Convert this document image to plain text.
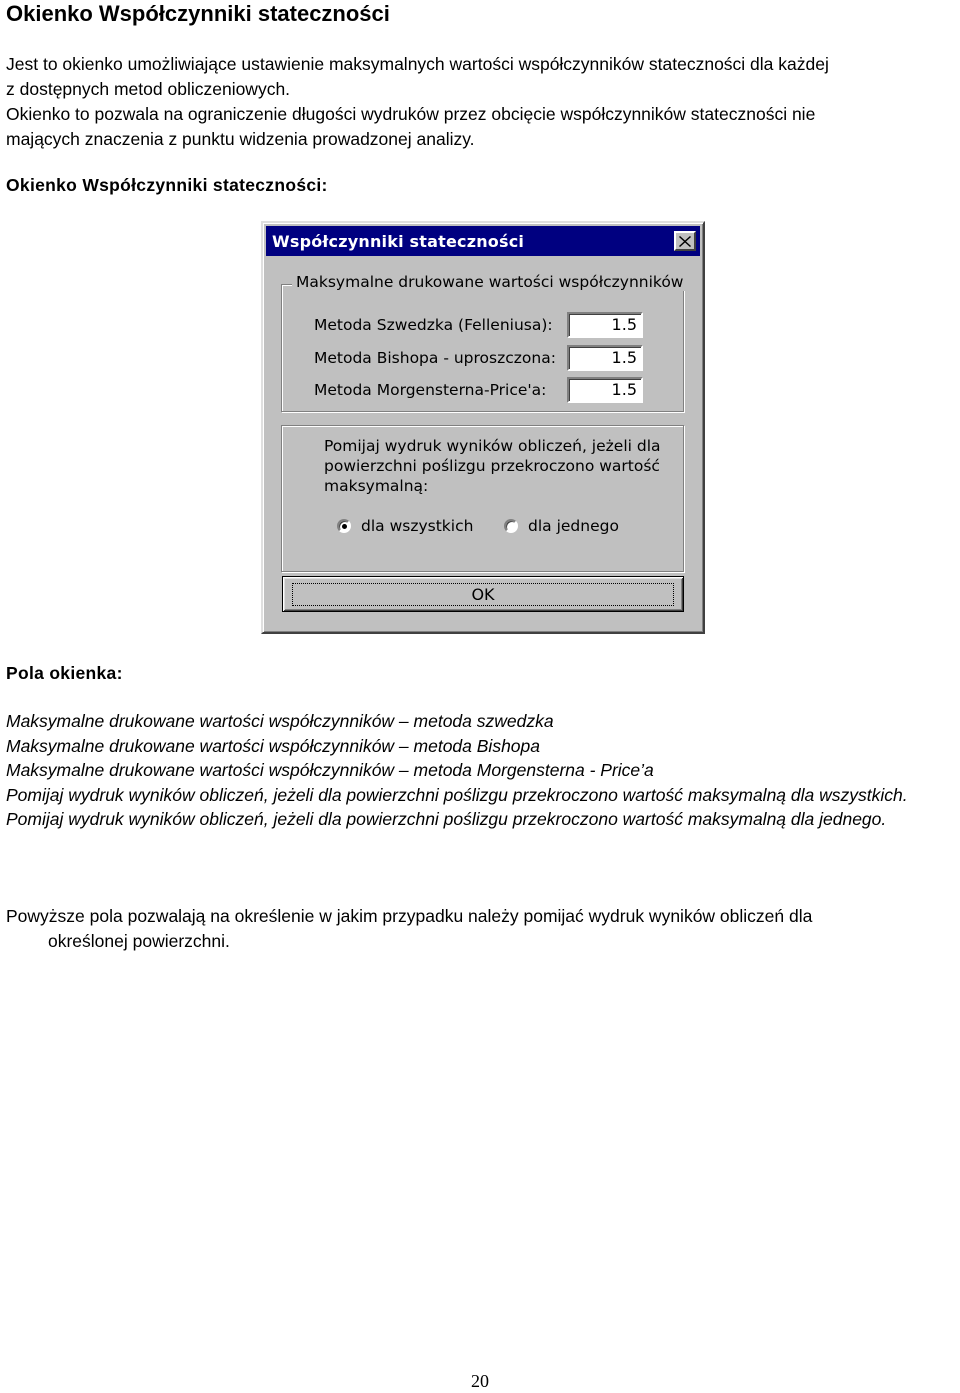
Okienko Współczynniki stateczności

Jest to okienko umożliwiające ustawienie maksymalnych wartości współczynników stateczności dla każdej

z dostępnych metod obliczeniowych.

Okienko to pozwala na ograniczenie długości wydruków przez obcięcie współczynników stateczności nie

mających znaczenia z punktu widzenia prowadzonej analizy.

Okienko Współczynniki stateczności:
Współczynniki stateczności
Maksymalne drukowane wartości współczynników
Metoda Szwedzka (Felleniusa):	1.5
Metoda Bishopa - uproszczona:	1.5
Metoda Morgensterna-Price'a:	1.5

Pomijaj wydruk wyników obliczeń, jeżeli dla powierzchni poślizgu przekroczono wartość maksymalną:

dla wszystkich	dla jednego
OK
Pola okienka:

Maksymalne drukowane wartości współczynników – metoda szwedzka

Maksymalne drukowane wartości współczynników – metoda Bishopa

Maksymalne drukowane wartości współczynników – metoda Morgensterna - Price’a

Pomijaj wydruk wyników obliczeń, jeżeli dla powierzchni poślizgu przekroczono wartość maksymalną dla wszystkich.

Pomijaj wydruk wyników obliczeń, jeżeli dla powierzchni poślizgu przekroczono wartość maksymalną dla jednego.

Powyższe pola pozwalają na określenie w jakim przypadku należy pomijać wydruk wyników obliczeń dla
określonej powierzchni.

20
